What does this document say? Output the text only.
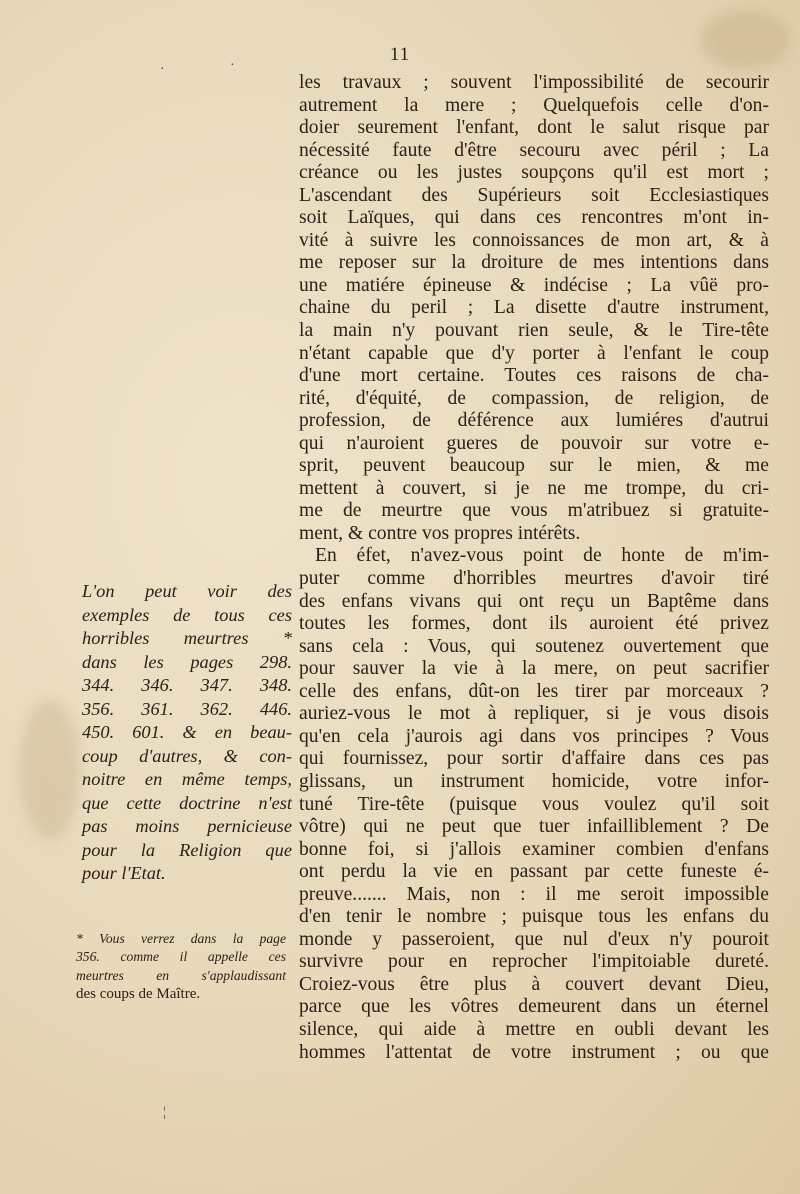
·	·
¦
11
les travaux ; souvent l'impossibilité de secourir
autrement la mere ; Quelquefois celle d'on-
doier seurement l'enfant, dont le salut risque par
nécessité faute d'être secouru avec péril ; La
créance ou les justes soupçons qu'il est mort ;
L'ascendant des Supérieurs soit Ecclesiastiques
soit Laïques, qui dans ces rencontres m'ont in-
vité à suivre les connoissances de mon art, & à
me reposer sur la droiture de mes intentions dans
une matiére épineuse & indécise ; La vûë pro-
chaine du peril ; La disette d'autre instrument,
la main n'y pouvant rien seule, & le Tire-tête
n'étant capable que d'y porter à l'enfant le coup
d'une mort certaine. Toutes ces raisons de cha-
rité, d'équité, de compassion, de religion, de
profession, de déférence aux lumiéres d'autrui
qui n'auroient gueres de pouvoir sur votre e-
sprit, peuvent beaucoup sur le mien, & me
mettent à couvert, si je ne me trompe, du cri-
me de meurtre que vous m'atribuez si gratuite-
ment, & contre vos propres intérêts.
En éfet, n'avez-vous point de honte de m'im-
puter comme d'horribles meurtres d'avoir tiré
des enfans vivans qui ont reçu un Baptême dans
toutes les formes, dont ils auroient été privez
sans cela : Vous, qui soutenez ouvertement que
pour sauver la vie à la mere, on peut sacrifier
celle des enfans, dût-on les tirer par morceaux ?
auriez-vous le mot à repliquer, si je vous disois
qu'en cela j'aurois agi dans vos principes ? Vous
qui fournissez, pour sortir d'affaire dans ces pas
glissans, un instrument homicide, votre infor-
tuné Tire-tête (puisque vous voulez qu'il soit
vôtre) qui ne peut que tuer infailliblement ? De
bonne foi, si j'allois examiner combien d'enfans
ont perdu la vie en passant par cette funeste é-
preuve....... Mais, non : il me seroit impossible
d'en tenir le nombre ; puisque tous les enfans du
monde y passeroient, que nul d'eux n'y pouroit
survivre pour en reprocher l'impitoiable dureté.
Croiez-vous être plus à couvert devant Dieu,
parce que les vôtres demeurent dans un éternel
silence, qui aide à mettre en oubli devant les
hommes l'attentat de votre instrument ; ou que
L'on peut voir des
exemples de tous ces
horribles meurtres *
dans les pages 298.
344. 346. 347. 348.
356. 361. 362. 446.
450. 601. & en beau-
coup d'autres, & con-
noitre en même temps,
que cette doctrine n'est
pas moins pernicieuse
pour la Religion que
pour l'Etat.
* Vous verrez dans la page
356. comme il appelle ces
meurtres en s'applaudissant
des coups de Maître.
